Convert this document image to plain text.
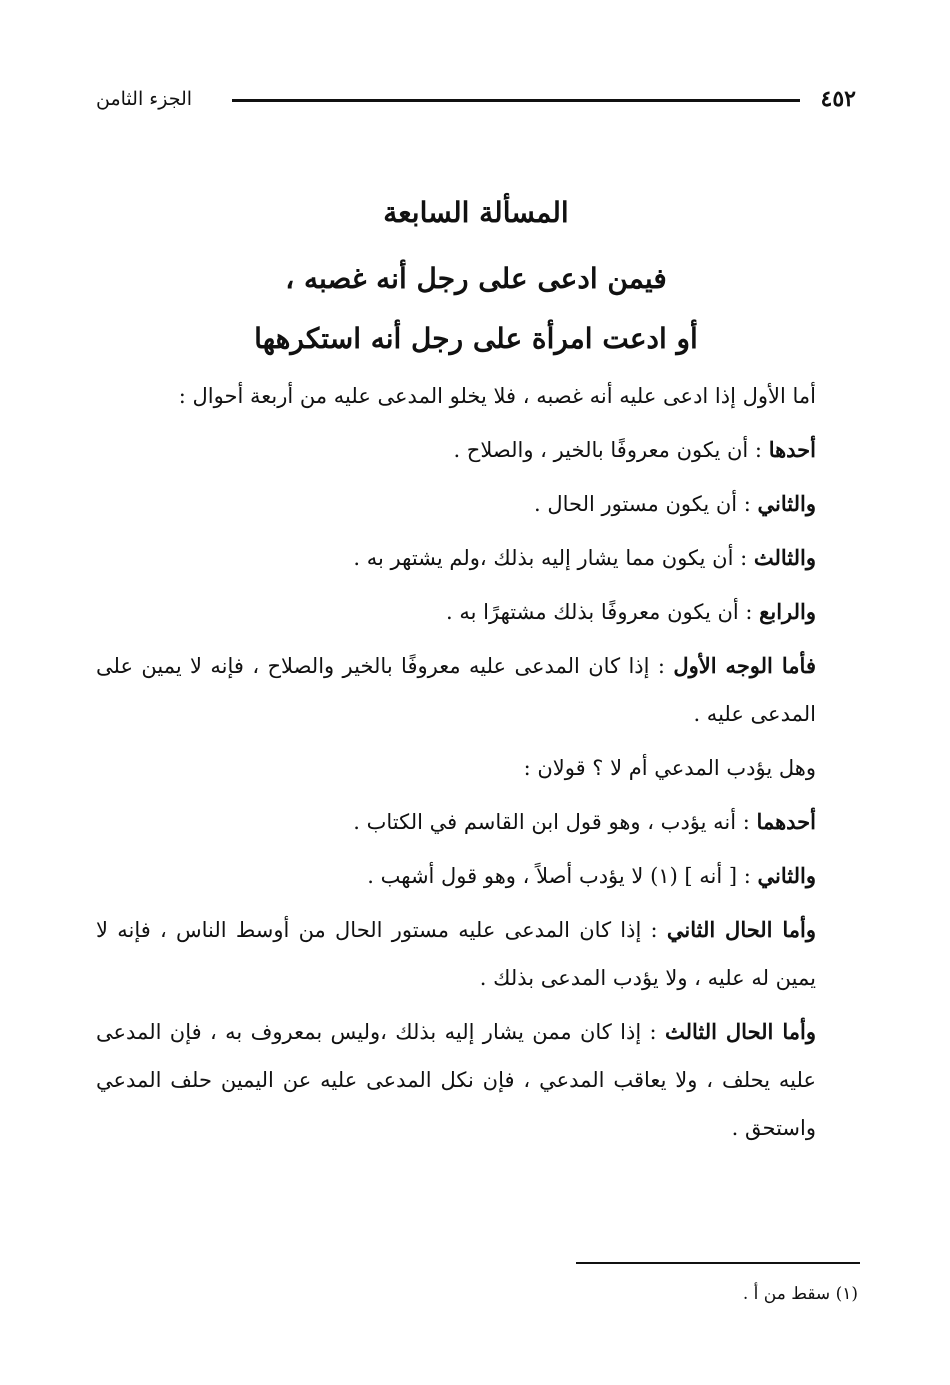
٤٥٢
الجزء الثامن
المسألة السابعة
فيمن ادعى على رجل أنه غصبه ،
أو ادعت امرأة على رجل أنه استكرهها

أما الأول إذا ادعى عليه أنه غصبه ، فلا يخلو المدعى عليه من أربعة أحوال :

أحدها : أن يكون معروفًا بالخير ، والصلاح .

والثاني : أن يكون مستور الحال .

والثالث : أن يكون مما يشار إليه بذلك ،ولم يشتهر به .

والرابع : أن يكون معروفًا بذلك مشتهرًا به .

فأما الوجه الأول : إذا كان المدعى عليه معروفًا بالخير والصلاح ، فإنه لا يمين على المدعى عليه .

وهل يؤدب المدعي أم لا ؟ قولان :

أحدهما : أنه يؤدب ، وهو قول ابن القاسم في الكتاب .

والثاني : [ أنه ] (١) لا يؤدب أصلاً ، وهو قول أشهب .

وأما الحال الثاني : إذا كان المدعى عليه مستور الحال من أوسط الناس ، فإنه لا يمين له عليه ، ولا يؤدب المدعى بذلك .

وأما الحال الثالث : إذا كان ممن يشار إليه بذلك ،وليس بمعروف به ، فإن المدعى عليه يحلف ، ولا يعاقب المدعي ، فإن نكل المدعى عليه عن اليمين حلف المدعي واستحق .

(١) سقط من أ .
